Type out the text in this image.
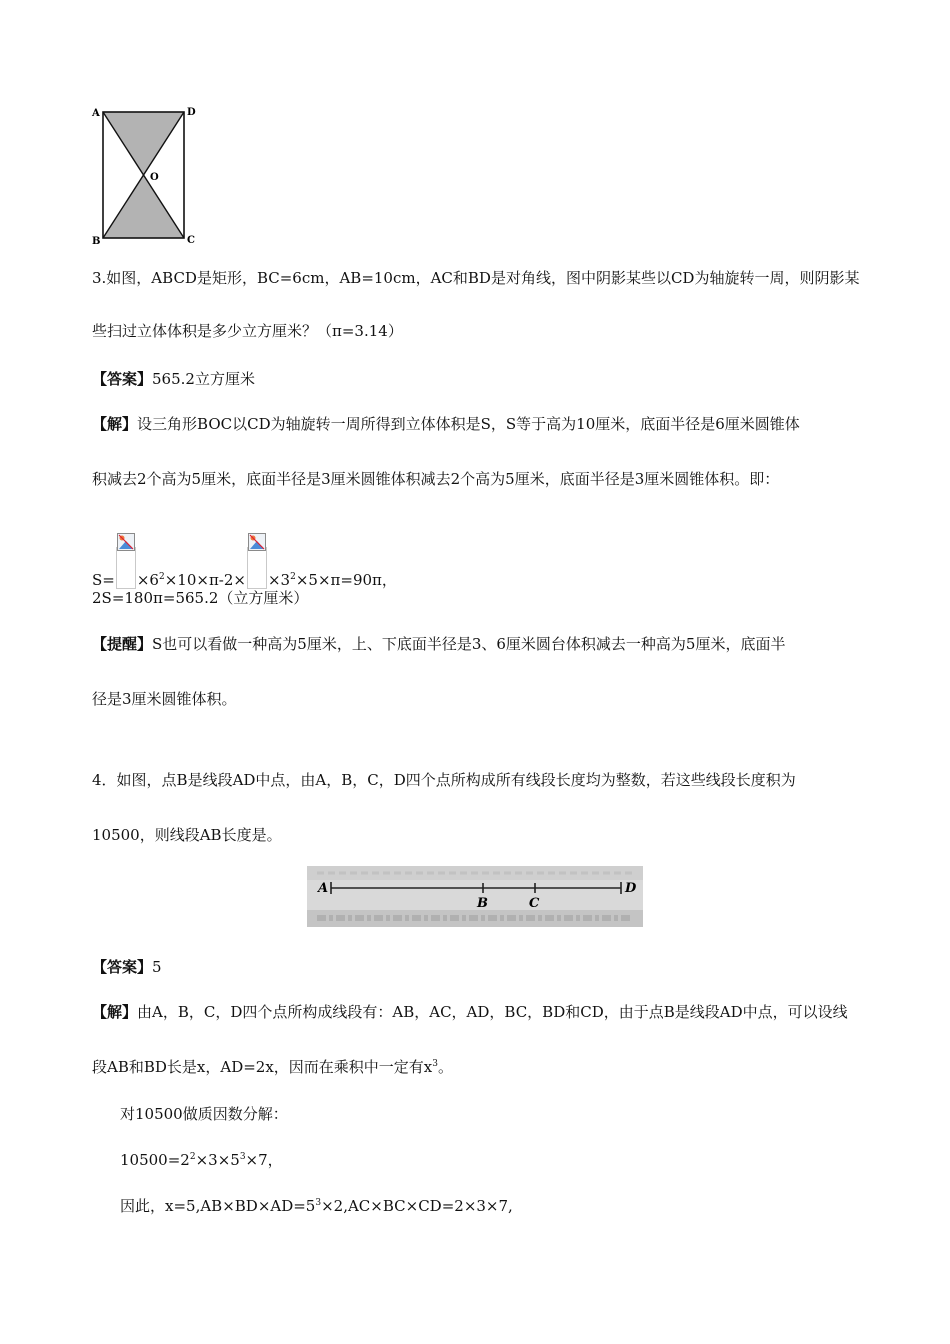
A	D
O
B	C
3.如图，ABCD是矩形，BC=6cm，AB=10cm，AC和BD是对角线，图中阴影某些以CD为轴旋转一周，则阴影某
些扫过立体体积是多少立方厘米？（π=3.14）
【答案】565.2立方厘米
【解】设三角形BOC以CD为轴旋转一周所得到立体体积是S，S等于高为10厘米，底面半径是6厘米圆锥体
积减去2个高为5厘米，底面半径是3厘米圆锥体积减去2个高为5厘米，底面半径是3厘米圆锥体积。即：
$S= \times 6^2\times 10\times\pi-2\times \times 3^2\times 5\times\pi=90\pi$，
2S=180π=565.2（立方厘米）
【提醒】S也可以看做一种高为5厘米，上、下底面半径是3、6厘米圆台体积减去一种高为5厘米，底面半
径是3厘米圆锥体积。
4．如图，点B是线段AD中点，由A，B，C，D四个点所构成所有线段长度均为整数，若这些线段长度积为
10500，则线段AB长度是。
A
B	C
D
【答案】5
【解】由A，B，C，D四个点所构成线段有：AB，AC，AD，BC，BD和CD，由于点B是线段AD中点，可以设线
段AB和BD长是x，AD=2x，因而在乘积中一定有$x^3$。
对10500做质因数分解：
$10500=2^2\times 3\times 5^3\times 7$，
因此，$x=5,AB\times BD\times AD=5^3\times 2,AC\times BC\times CD=2\times 3\times 7$,
